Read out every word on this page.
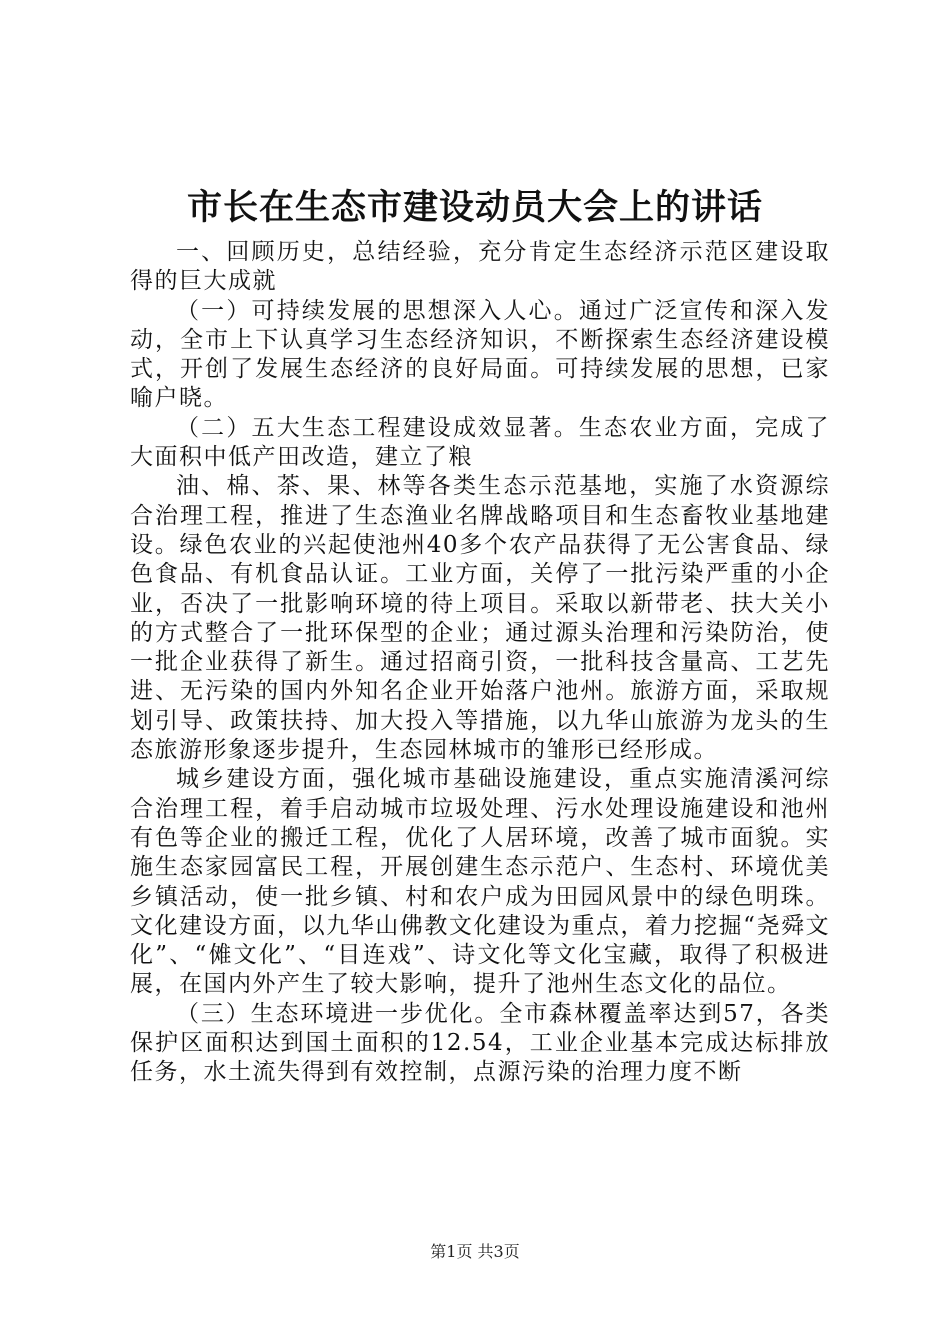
市长在生态市建设动员大会上的讲话

一、回顾历史，总结经验，充分肯定生态经济示范区建设取得的巨大成就

（一）可持续发展的思想深入人心。通过广泛宣传和深入发动，全市上下认真学习生态经济知识，不断探索生态经济建设模式，开创了发展生态经济的良好局面。可持续发展的思想，已家喻户晓。

（二）五大生态工程建设成效显著。生态农业方面，完成了大面积中低产田改造，建立了粮

油、棉、茶、果、林等各类生态示范基地，实施了水资源综合治理工程，推进了生态渔业名牌战略项目和生态畜牧业基地建设。绿色农业的兴起使池州40多个农产品获得了无公害食品、绿色食品、有机食品认证。工业方面，关停了一批污染严重的小企业，否决了一批影响环境的待上项目。采取以新带老、扶大关小的方式整合了一批环保型的企业；通过源头治理和污染防治，使一批企业获得了新生。通过招商引资，一批科技含量高、工艺先进、无污染的国内外知名企业开始落户池州。旅游方面，采取规划引导、政策扶持、加大投入等措施，以九华山旅游为龙头的生态旅游形象逐步提升，生态园林城市的雏形已经形成。

城乡建设方面，强化城市基础设施建设，重点实施清溪河综合治理工程，着手启动城市垃圾处理、污水处理设施建设和池州有色等企业的搬迁工程，优化了人居环境，改善了城市面貌。实施生态家园富民工程，开展创建生态示范户、生态村、环境优美乡镇活动，使一批乡镇、村和农户成为田园风景中的绿色明珠。文化建设方面，以九华山佛教文化建设为重点，着力挖掘“尧舜文化”、“傩文化”、“目连戏”、诗文化等文化宝藏，取得了积极进展，在国内外产生了较大影响，提升了池州生态文化的品位。

（三）生态环境进一步优化。全市森林覆盖率达到57，各类保护区面积达到国土面积的12.54，工业企业基本完成达标排放任务，水土流失得到有效控制，点源污染的治理力度不断

第1页 共3页
